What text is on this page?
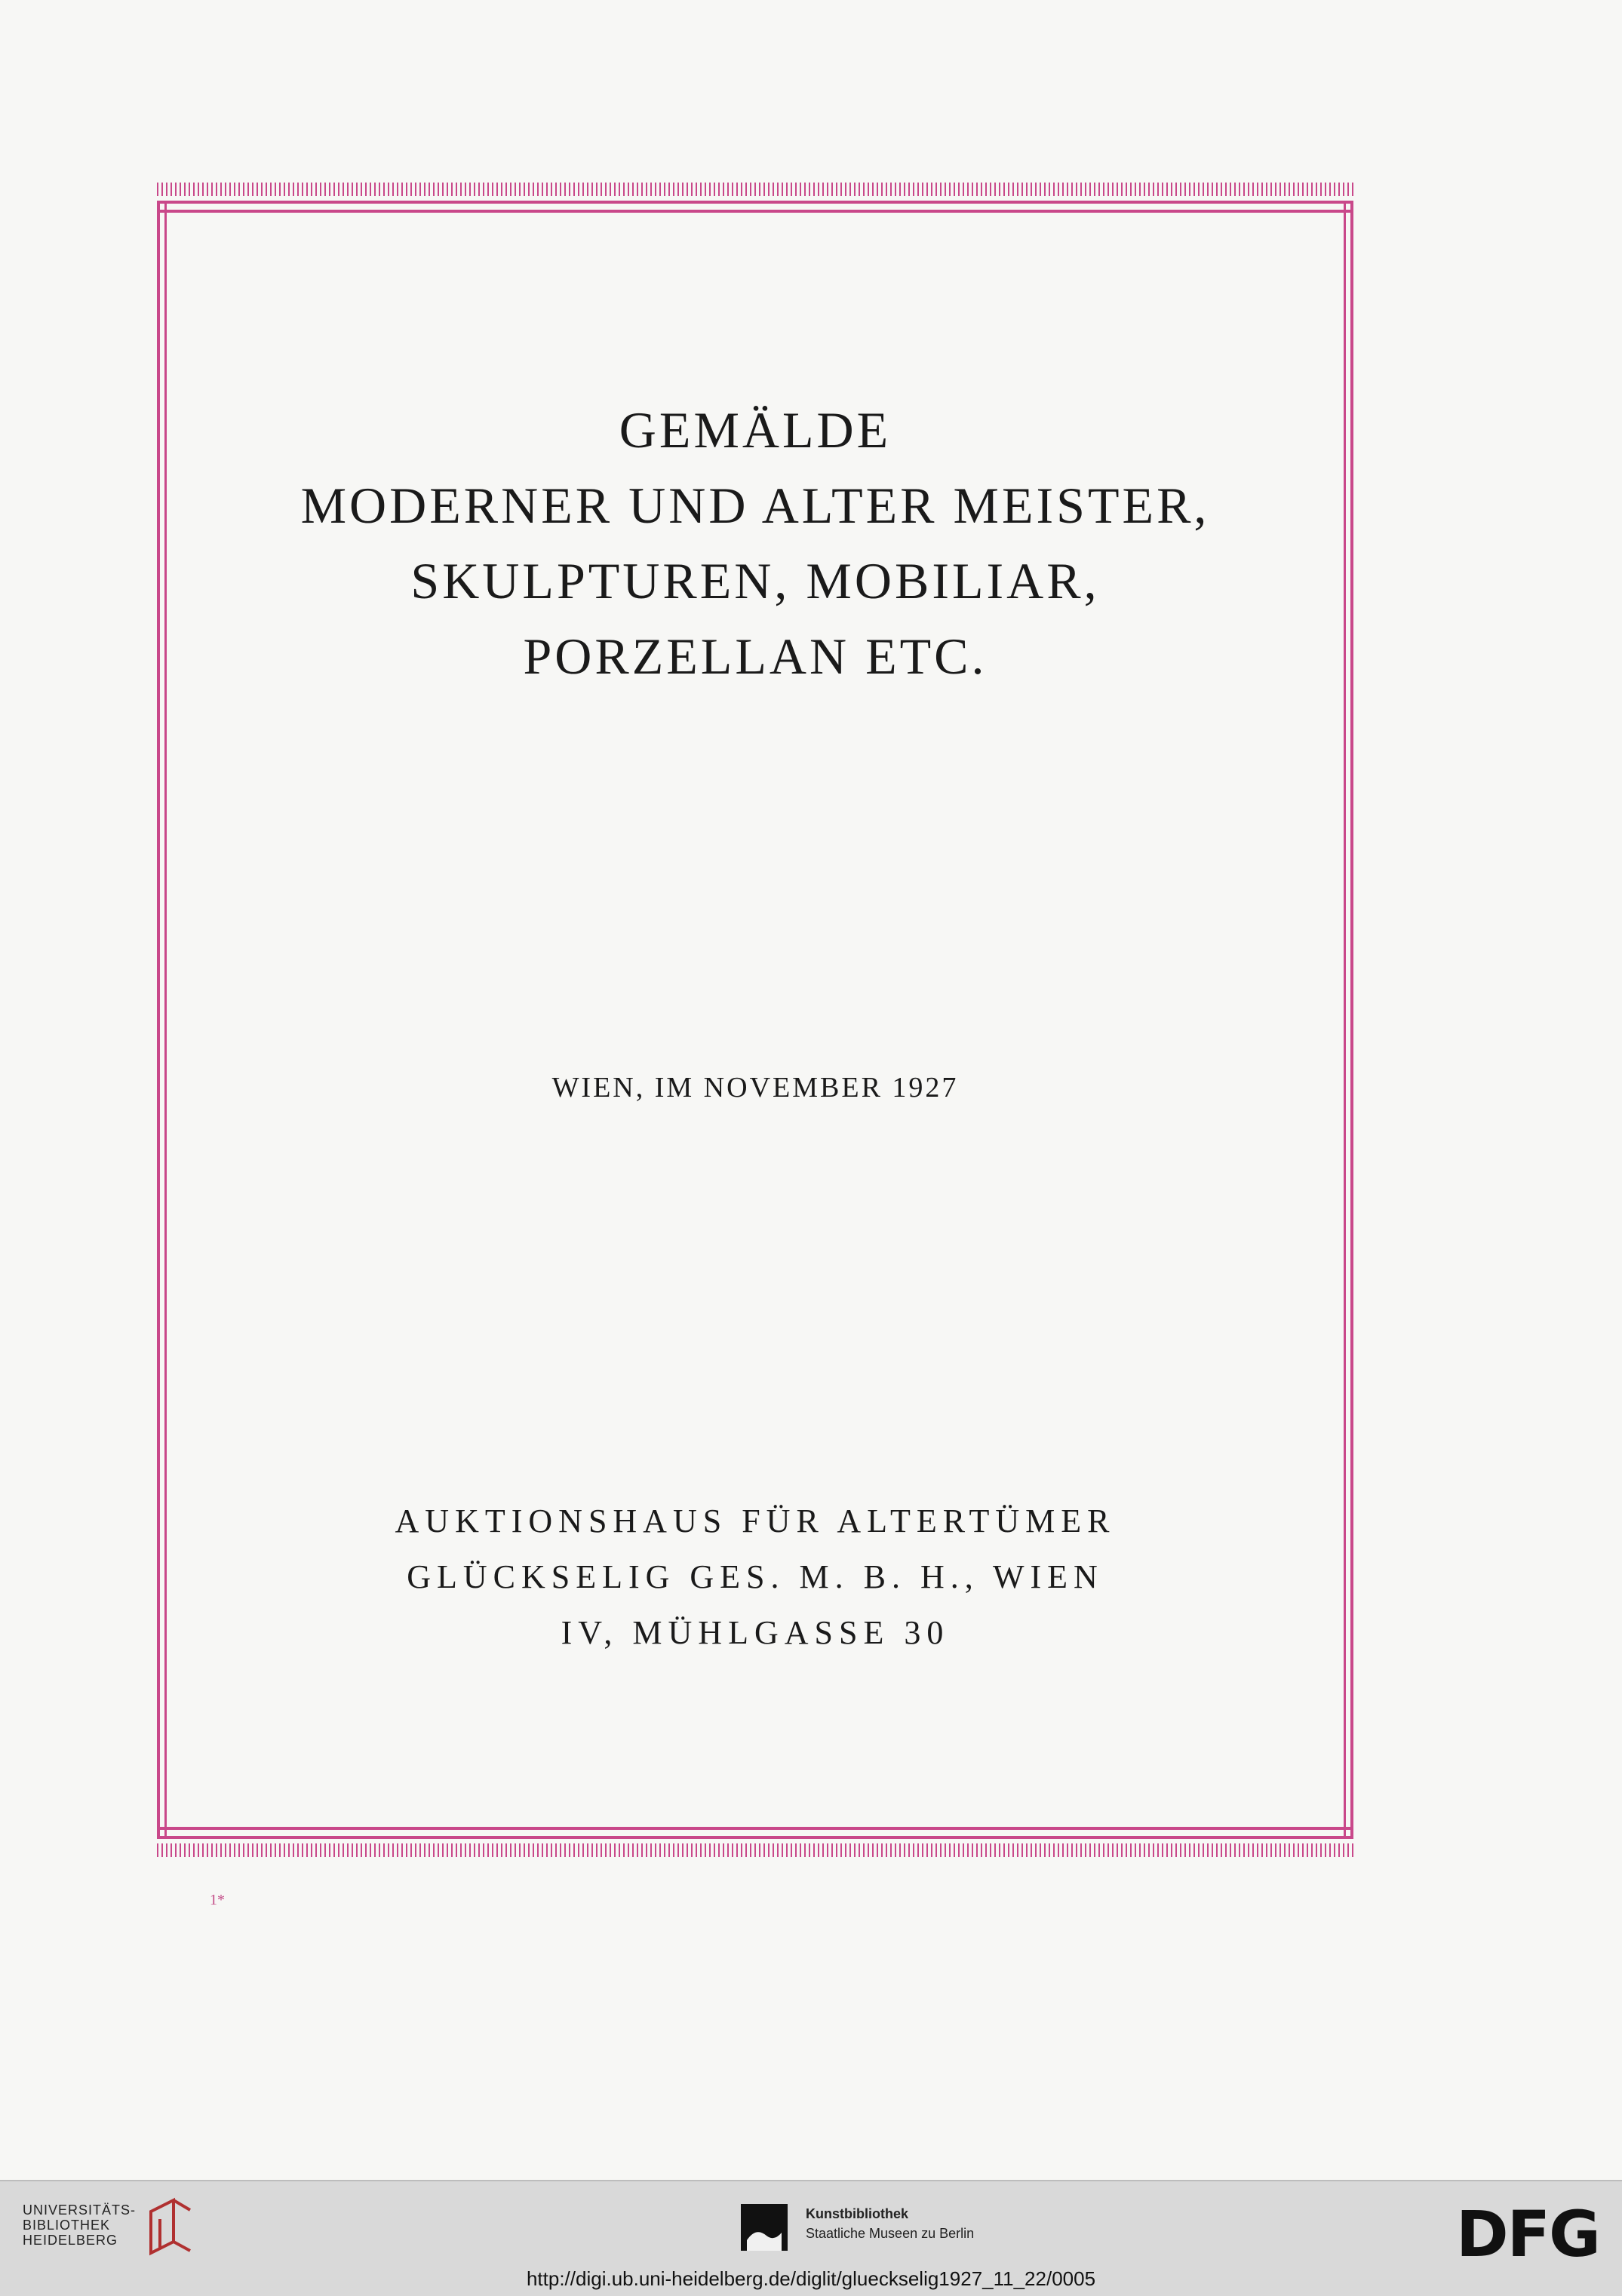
GEMÄLDE
MODERNER UND ALTER MEISTER,
SKULPTUREN, MOBILIAR,
PORZELLAN ETC.
WIEN, IM NOVEMBER 1927
AUKTIONSHAUS FÜR ALTERTÜMER
GLÜCKSELIG GES. M. B. H., WIEN
IV, MÜHLGASSE 30
1*
UNIVERSITÄTS-
BIBLIOTHEK
HEIDELBERG
Kunstbibliothek
Staatliche Museen zu Berlin	DFG
http://digi.ub.uni-heidelberg.de/diglit/glueckselig1927_11_22/0005
